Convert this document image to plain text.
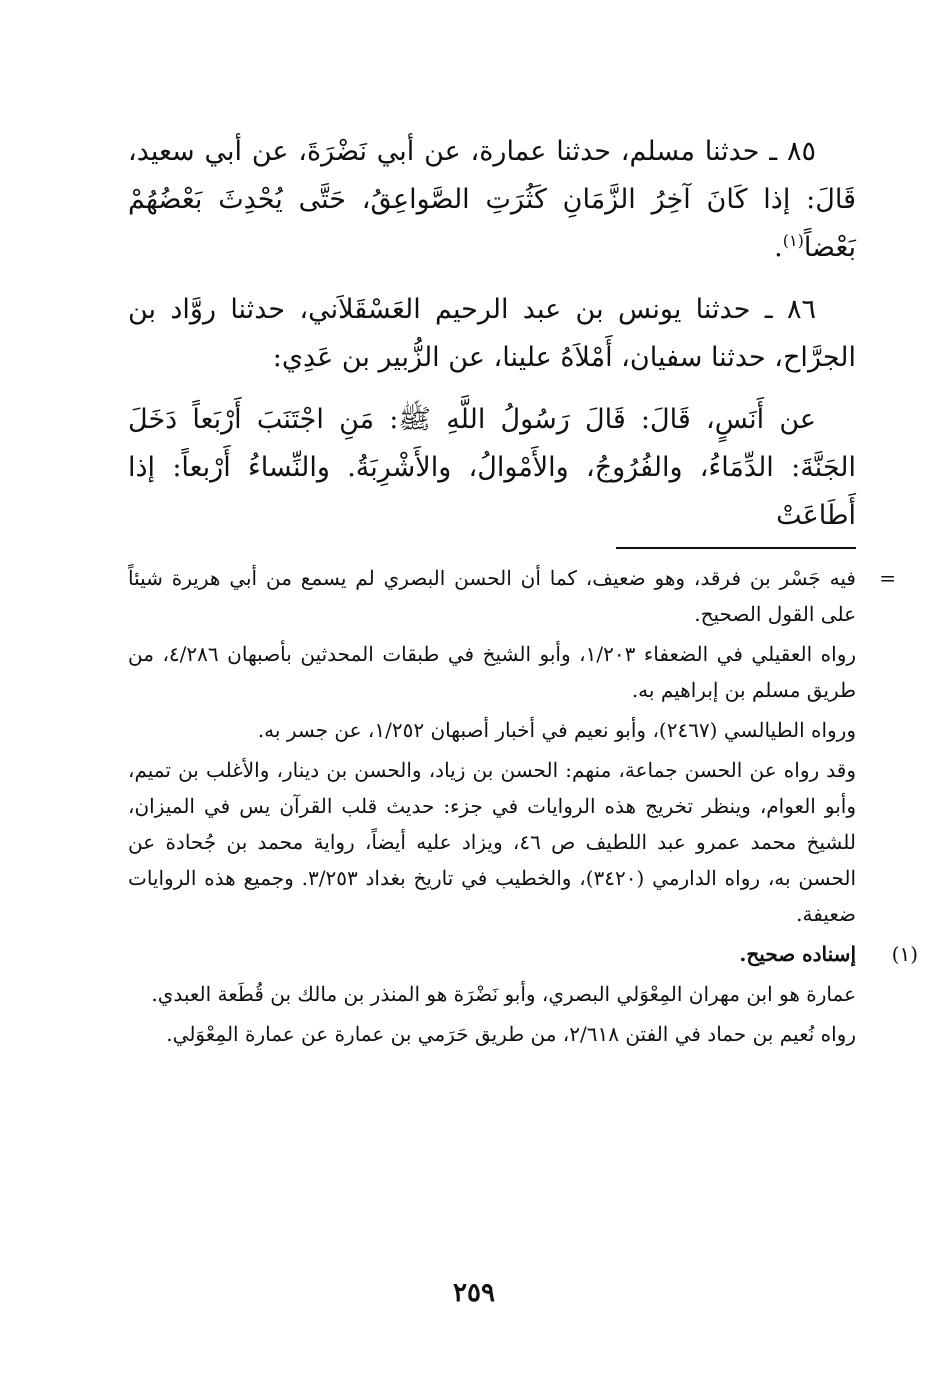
٨٥ ـ حدثنا مسلم، حدثنا عمارة، عن أبي نَضْرَةَ، عن أبي سعيد، قَالَ: إذا كَانَ آخِرُ الزَّمَانِ كَثُرَتِ الصَّواعِقُ، حَتَّى يُحْدِثَ بَعْضُهُمْ بَعْضاً$^{(١)}$.

٨٦ ـ حدثنا يونس بن عبد الرحيم العَسْقَلاَني، حدثنا روَّاد بن الجرَّاح، حدثنا سفيان، أَمْلاَهُ علينا، عن الزُّبير بن عَدِي:

عن أَنَسٍ، قَالَ: قَالَ رَسُولُ اللَّهِ ﷺ: مَنِ اجْتَنَبَ أَرْبَعاً دَخَلَ الجَنَّةَ: الدِّمَاءُ، والفُرُوجُ، والأَمْوالُ، والأَشْرِبَةُ. والنِّساءُ أَرْبعاً: إذا أَطَاعَتْ

=

فيه جَسْر بن فرقد، وهو ضعيف، كما أن الحسن البصري لم يسمع من أبي هريرة شيئاً على القول الصحيح.

رواه العقيلي في الضعفاء ١/٢٠٣، وأبو الشيخ في طبقات المحدثين بأصبهان ٤/٢٨٦، من طريق مسلم بن إبراهيم به.

ورواه الطيالسي (٢٤٦٧)، وأبو نعيم في أخبار أصبهان ١/٢٥٢، عن جسر به.

وقد رواه عن الحسن جماعة، منهم: الحسن بن زياد، والحسن بن دينار، والأغلب بن تميم، وأبو العوام، وينظر تخريج هذه الروايات في جزء: حديث قلب القرآن يس في الميزان، للشيخ محمد عمرو عبد اللطيف ص ٤٦، ويزاد عليه أيضاً، رواية محمد بن جُحادة عن الحسن به، رواه الدارمي (٣٤٢٠)، والخطيب في تاريخ بغداد ٣/٢٥٣. وجميع هذه الروايات ضعيفة.

(١)

إسناده صحيح.

عمارة هو ابن مهران المِعْوَلي البصري، وأبو نَضْرَة هو المنذر بن مالك بن قُطَعة العبدي.

رواه نُعيم بن حماد في الفتن ٢/٦١٨، من طريق حَرَمي بن عمارة عن عمارة المِعْوَلي.

٢٥٩
